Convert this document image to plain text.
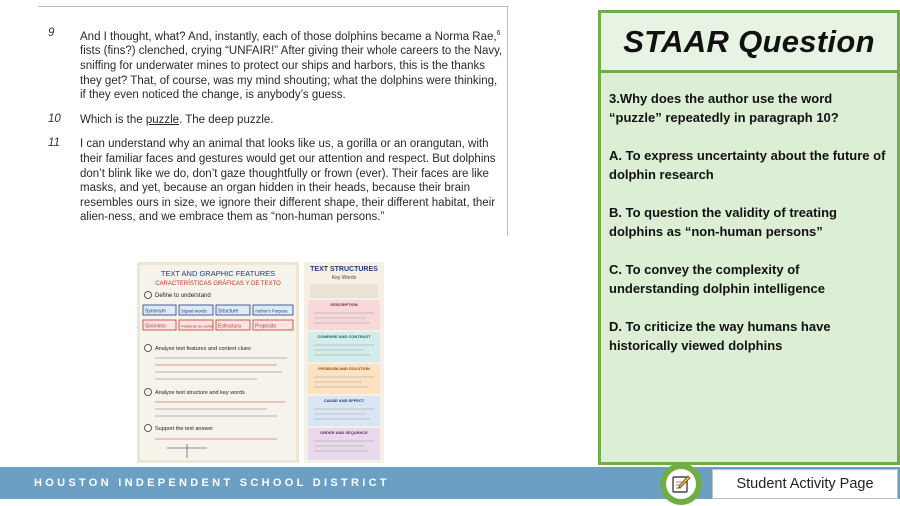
9	And I thought, what? And, instantly, each of those dolphins became a Norma Rae,$^6$ fists (fins?) clenched, crying “UNFAIR!” After giving their whole careers to the Navy, sniffing for underwater mines to protect our ships and harbors, this is the thanks they get? That, of course, was my mind shouting; what the dolphins were thinking, if they even noticed the change, is anybody’s guess.
10	Which is the puzzle. The deep puzzle.
11	I can understand why an animal that looks like us, a gorilla or an orangutan, with their familiar faces and gestures would get our attention and respect. But dolphins don’t blink like we do, don’t gaze thoughtfully or frown (ever). Their faces are like masks, and yet, because an organ hidden in their heads, because their brain resembles ours in size, we ignore their different shape, their different habitat, their alien-ness, and we embrace them as “non-human persons.”
TEXT AND GRAPHIC FEATURES
CARACTERÍSTICAS GRÁFICAS Y DE TEXTO
Define to understand
Synonym	Signal words Structure	Author's Purpose
Sinónimo	Palabras de señal Estructura	Propósito
Analyze text features and context clues
Analyze text structure and key words
Support the text answer
TEXT STRUCTURES
Key Words
DESCRIPTION
COMPARE AND CONTRAST
PROBLEM AND SOLUTION
CAUSE AND EFFECT
ORDER AND SEQUENCE
STAAR Question

3.Why does the author use the word “puzzle” repeatedly in paragraph 10?

A. To express uncertainty about the future of dolphin research

B. To question the validity of treating dolphins as “non-human persons”

C. To convey the complexity of understanding dolphin intelligence

D. To criticize the way humans have historically viewed dolphins

HOUSTON INDEPENDENT SCHOOL DISTRICT	Student Activity Page
